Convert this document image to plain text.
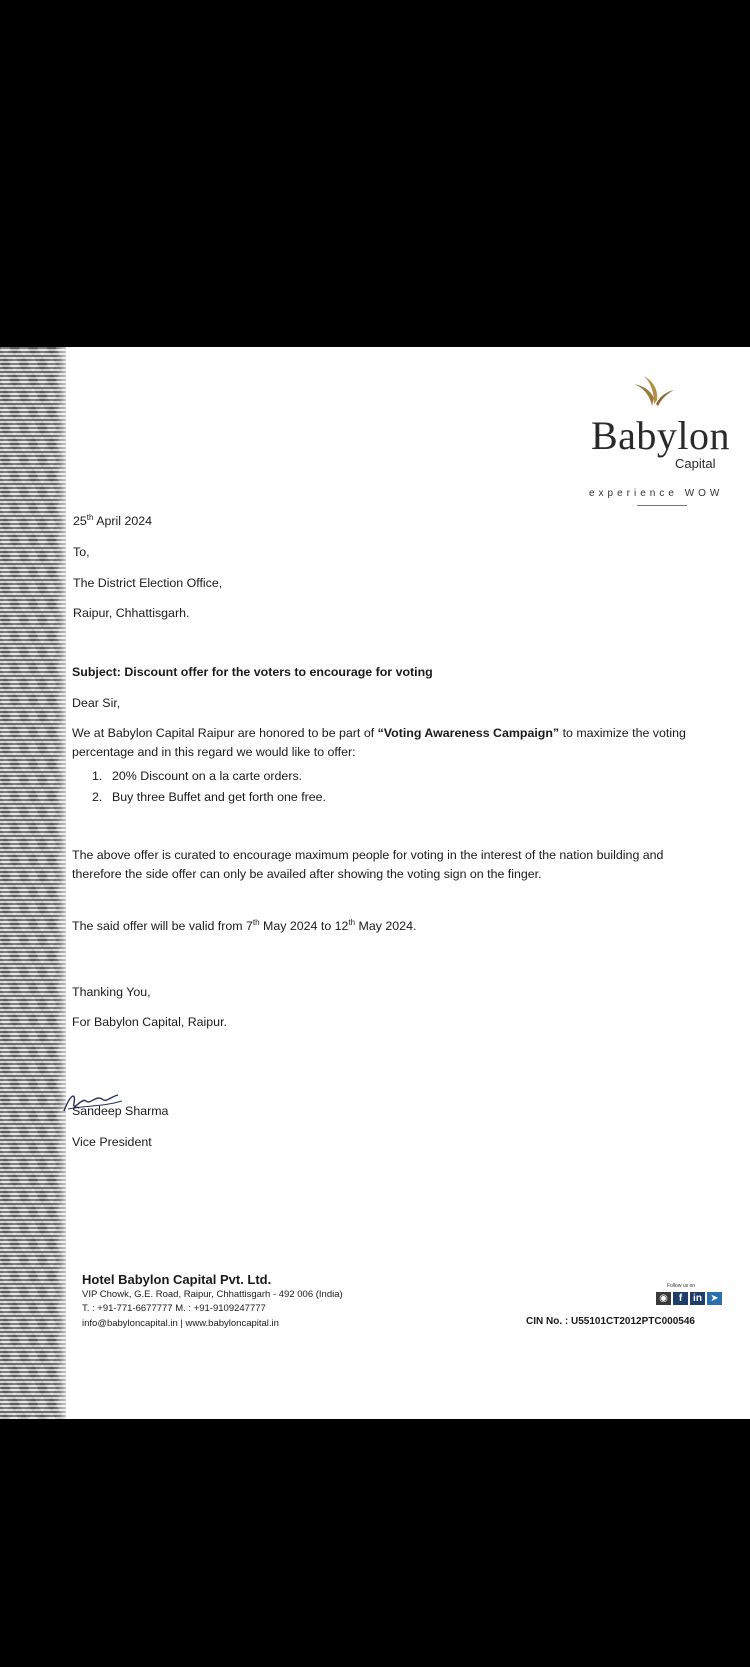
Babylon
Capital
experience WOW
25th April 2024
To,
The District Election Office,
Raipur, Chhattisgarh.
Subject: Discount offer for the voters to encourage for voting
Dear Sir,
We at Babylon Capital Raipur are honored to be part of “Voting Awareness Campaign” to maximize the voting percentage and in this regard we would like to offer:
1. 20% Discount on a la carte orders.
2. Buy three Buffet and get forth one free.
The above offer is curated to encourage maximum people for voting in the interest of the nation building and therefore the side offer can only be availed after showing the voting sign on the finger.
The said offer will be valid from 7th May 2024 to 12th May 2024.
Thanking You,
For Babylon Capital, Raipur.
Sandeep Sharma
Vice President
Hotel Babylon Capital Pvt. Ltd.
VIP Chowk, G.E. Road, Raipur, Chhattisgarh - 492 006 (India)
T. : +91-771-6677777 M. : +91-9109247777
info@babyloncapital.in | www.babyloncapital.in
Follow us on
◉	f	in ➤
CIN No. : U55101CT2012PTC000546
